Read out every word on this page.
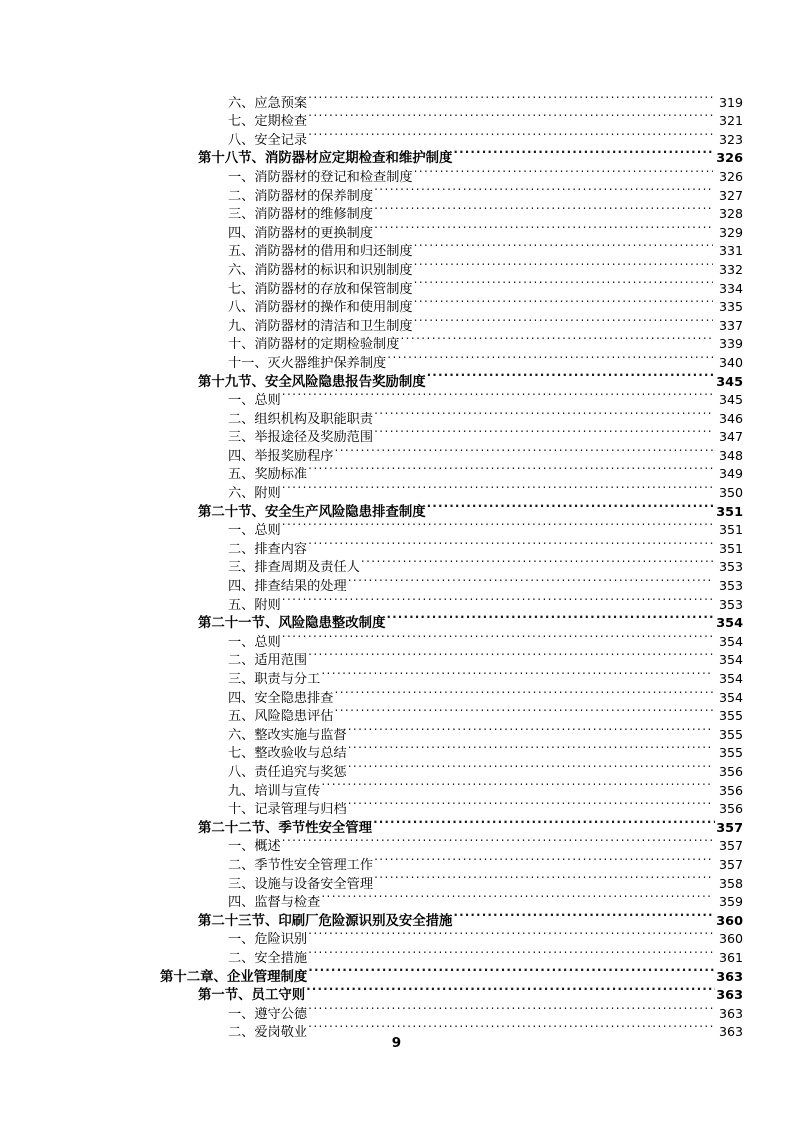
六、应急预案 .....	319
七、定期检查 .....	321
八、安全记录 .....	323
第十八节、消防器材应定期检查和维护制度 .....	326
一、消防器材的登记和检查制度 .....	326
二、消防器材的保养制度 .....	327
三、消防器材的维修制度 .....	328
四、消防器材的更换制度 .....	329
五、消防器材的借用和归还制度 .....	331
六、消防器材的标识和识别制度 .....	332
七、消防器材的存放和保管制度 .....	334
八、消防器材的操作和使用制度 .....	335
九、消防器材的清洁和卫生制度 .....	337
十、消防器材的定期检验制度 .....	339
十一、灭火器维护保养制度 .....	340
第十九节、安全风险隐患报告奖励制度 .....	345
一、总则 .....	345
二、组织机构及职能职责 .....	346
三、举报途径及奖励范围 .....	347
四、举报奖励程序 .....	348
五、奖励标准 .....	349
六、附则 .....	350
第二十节、安全生产风险隐患排查制度 .....	351
一、总则 .....	351
二、排查内容 .....	351
三、排查周期及责任人 .....	353
四、排查结果的处理 .....	353
五、附则 .....	353
第二十一节、风险隐患整改制度 .....	354
一、总则 .....	354
二、适用范围 .....	354
三、职责与分工 .....	354
四、安全隐患排查 .....	354
五、风险隐患评估 .....	355
六、整改实施与监督 .....	355
七、整改验收与总结 .....	355
八、责任追究与奖惩 .....	356
九、培训与宣传 .....	356
十、记录管理与归档 .....	356
第二十二节、季节性安全管理 .....	357
一、概述 .....	357
二、季节性安全管理工作 .....	357
三、设施与设备安全管理 .....	358
四、监督与检查 .....	359
第二十三节、印刷厂危险源识别及安全措施 .....	360
一、危险识别 .....	360
二、安全措施 .....	361
第十二章、企业管理制度 .....	363
第一节、员工守则 .....	363
一、遵守公德 .....	363
二、爱岗敬业 .....	363
9
